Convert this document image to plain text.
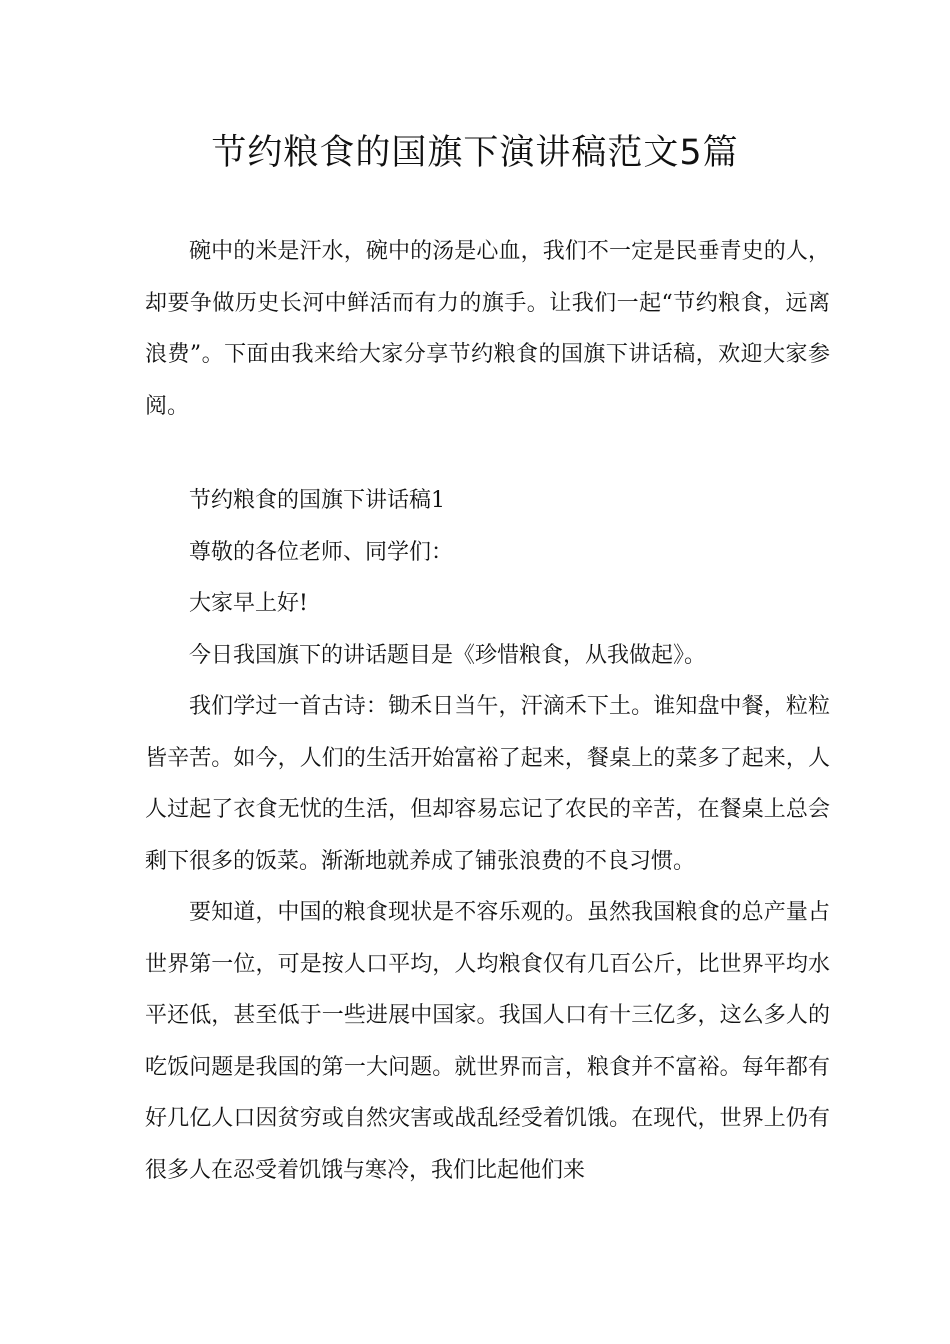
节约粮食的国旗下演讲稿范文5篇

碗中的米是汗水，碗中的汤是心血，我们不一定是民垂青史的人，却要争做历史长河中鲜活而有力的旗手。让我们一起“节约粮食，远离浪费”。下面由我来给大家分享节约粮食的国旗下讲话稿，欢迎大家参阅。

节约粮食的国旗下讲话稿1

尊敬的各位老师、同学们：

大家早上好!

今日我国旗下的讲话题目是《珍惜粮食，从我做起》。

我们学过一首古诗：锄禾日当午，汗滴禾下土。谁知盘中餐，粒粒皆辛苦。如今，人们的生活开始富裕了起来，餐桌上的菜多了起来，人人过起了衣食无忧的生活，但却容易忘记了农民的辛苦，在餐桌上总会剩下很多的饭菜。渐渐地就养成了铺张浪费的不良习惯。

要知道，中国的粮食现状是不容乐观的。虽然我国粮食的总产量占世界第一位，可是按人口平均，人均粮食仅有几百公斤，比世界平均水平还低，甚至低于一些进展中国家。我国人口有十三亿多，这么多人的吃饭问题是我国的第一大问题。就世界而言，粮食并不富裕。每年都有好几亿人口因贫穷或自然灾害或战乱经受着饥饿。在现代，世界上仍有很多人在忍受着饥饿与寒冷，我们比起他们来
